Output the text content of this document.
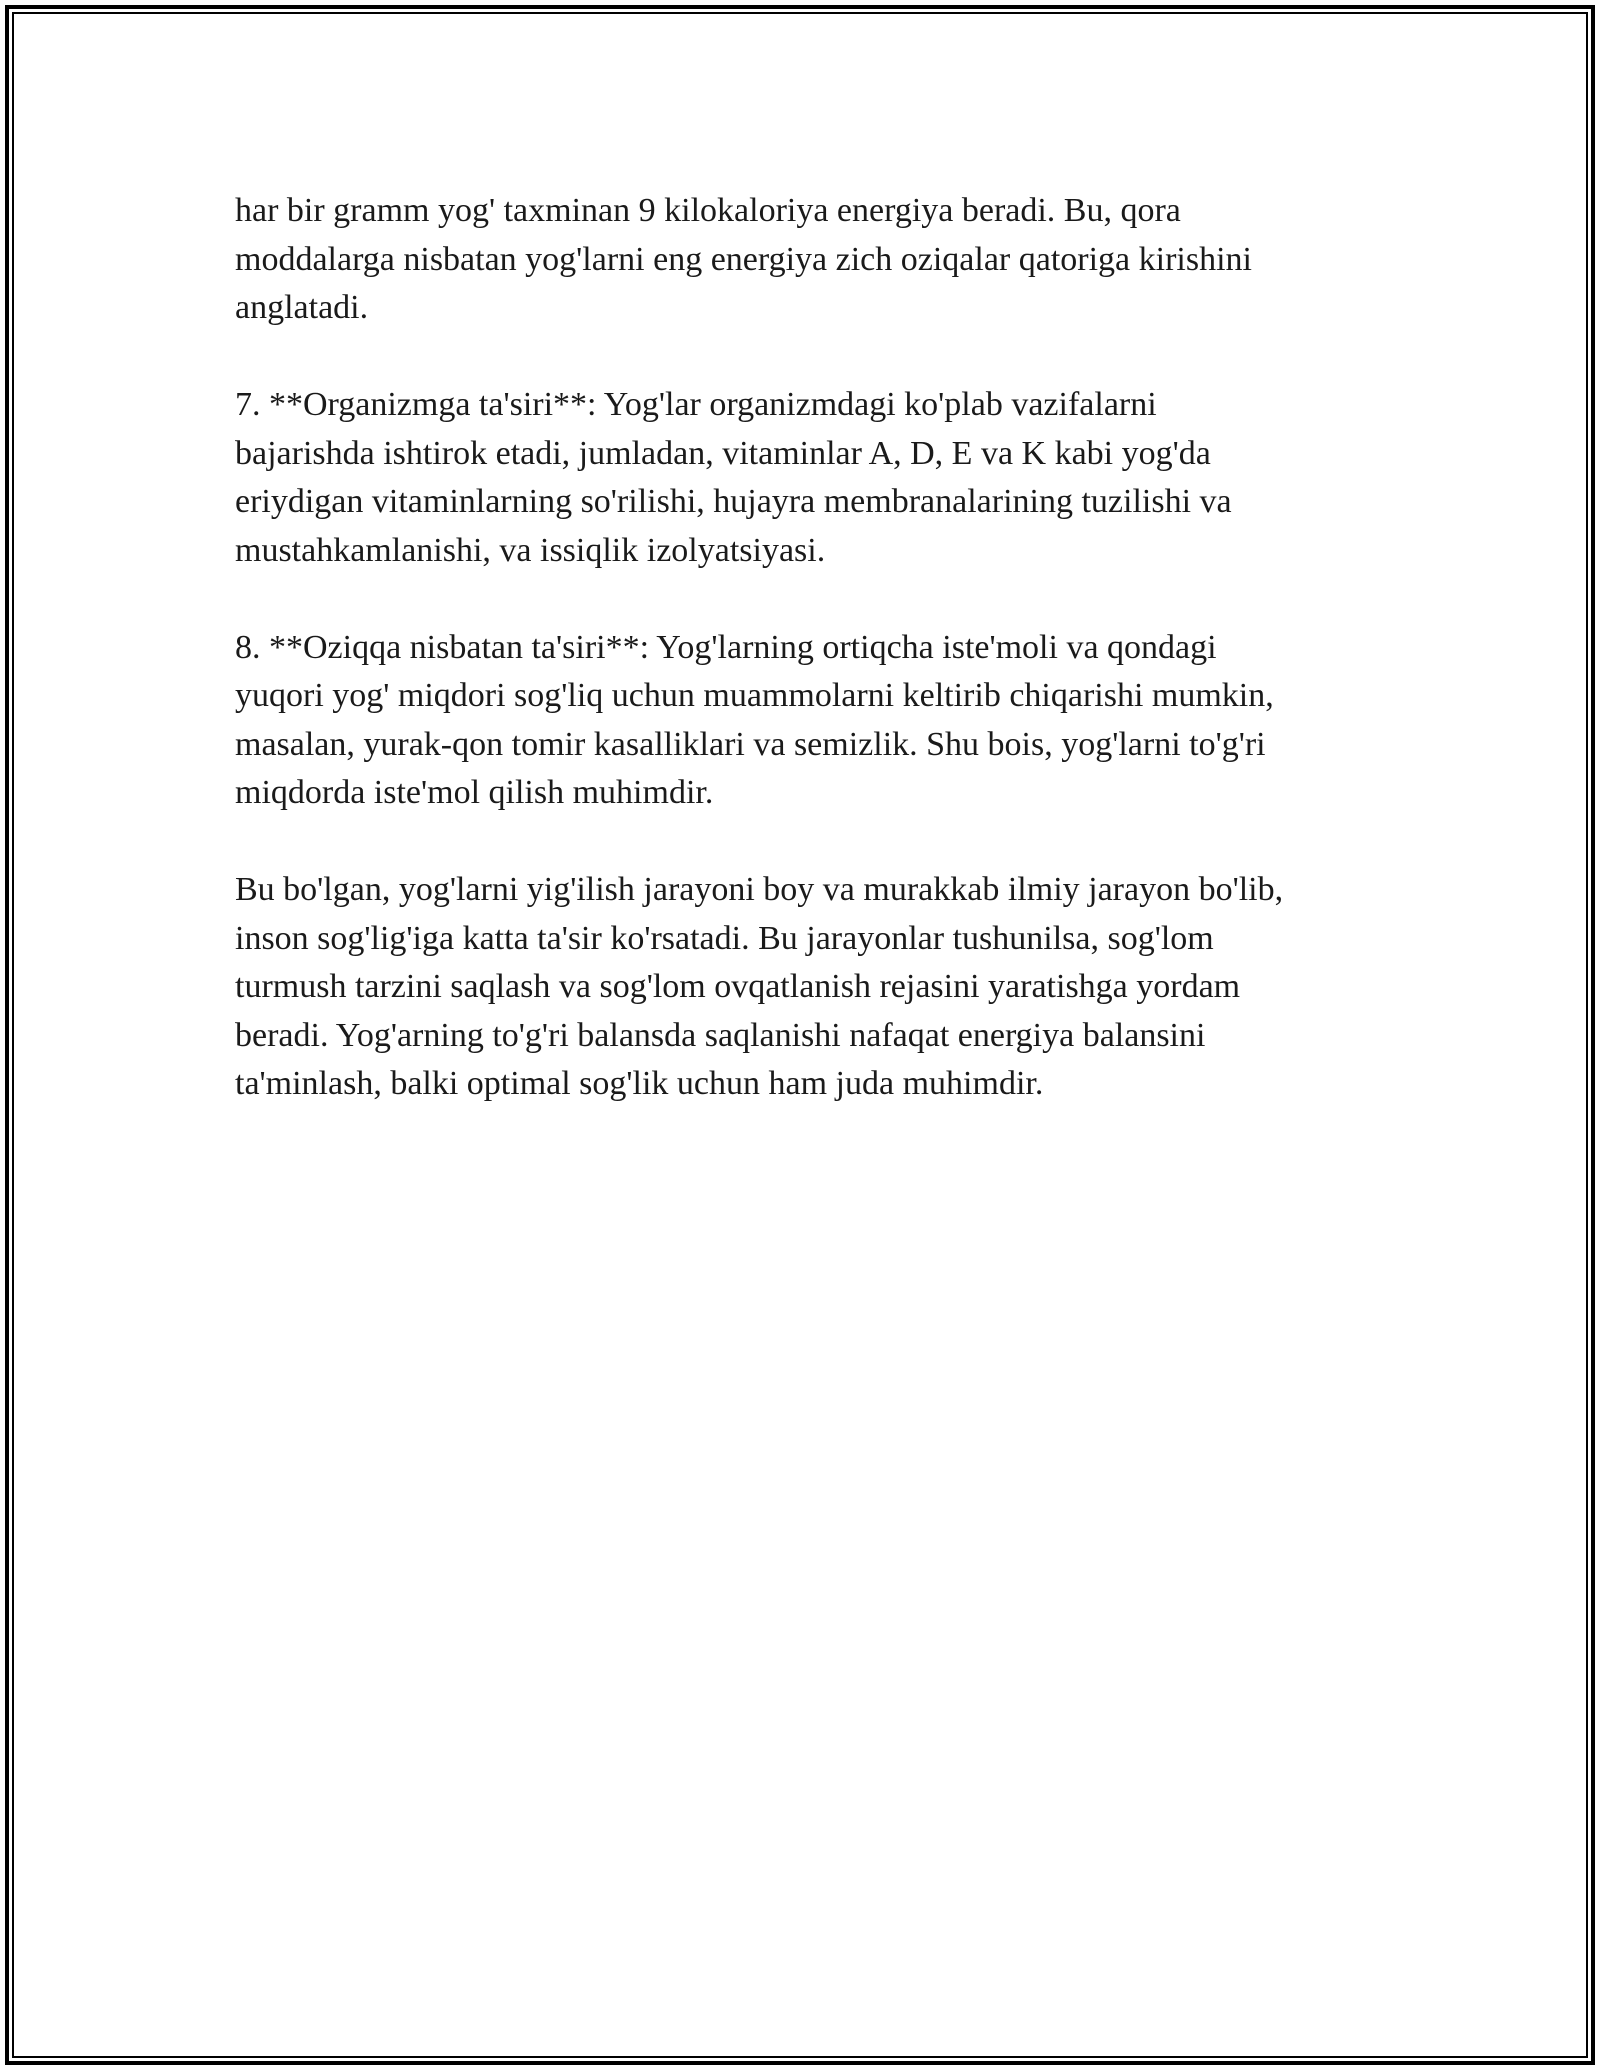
har bir gramm yog' taxminan 9 kilokaloriya energiya beradi. Bu, qora
moddalarga nisbatan yog'larni eng energiya zich oziqalar qatoriga kirishini
anglatadi.

7. **Organizmga ta'siri**: Yog'lar organizmdagi ko'plab vazifalarni
bajarishda ishtirok etadi, jumladan, vitaminlar A, D, E va K kabi yog'da
eriydigan vitaminlarning so'rilishi, hujayra membranalarining tuzilishi va
mustahkamlanishi, va issiqlik izolyatsiyasi.

8. **Oziqqa nisbatan ta'siri**: Yog'larning ortiqcha iste'moli va qondagi
yuqori yog' miqdori sog'liq uchun muammolarni keltirib chiqarishi mumkin,
masalan, yurak-qon tomir kasalliklari va semizlik. Shu bois, yog'larni to'g'ri
miqdorda iste'mol qilish muhimdir.

Bu bo'lgan, yog'larni yig'ilish jarayoni boy va murakkab ilmiy jarayon bo'lib,
inson sog'lig'iga katta ta'sir ko'rsatadi. Bu jarayonlar tushunilsa, sog'lom
turmush tarzini saqlash va sog'lom ovqatlanish rejasini yaratishga yordam
beradi. Yog'arning to'g'ri balansda saqlanishi nafaqat energiya balansini
ta'minlash, balki optimal sog'lik uchun ham juda muhimdir.
